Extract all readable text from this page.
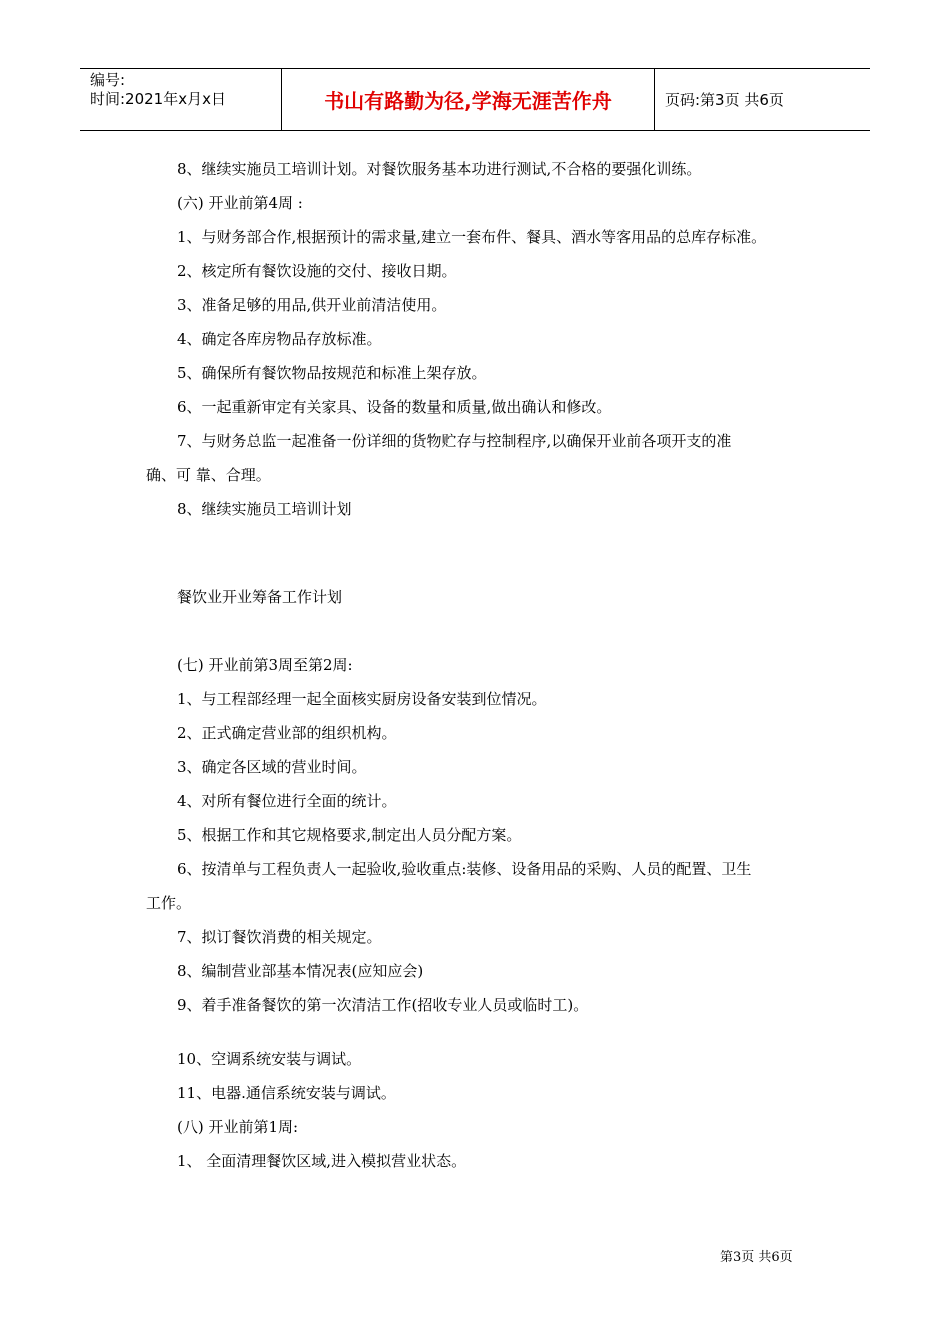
编号:
时间:2021年x月x日	书山有路勤为径,学海无涯苦作舟	页码:第3页 共6页
8、继续实施员工培训计划。对餐饮服务基本功进行测试,不合格的要强化训练。
(六) 开业前第4周 :
1、与财务部合作,根据预计的需求量,建立一套布件、餐具、酒水等客用品的总库存标准。
2、核定所有餐饮设施的交付、接收日期。
3、准备足够的用品,供开业前清洁使用。
4、确定各库房物品存放标准。
5、确保所有餐饮物品按规范和标准上架存放。
6、一起重新审定有关家具、设备的数量和质量,做出确认和修改。
7、与财务总监一起准备一份详细的货物贮存与控制程序,以确保开业前各项开支的准
确、可 靠、合理。
8、继续实施员工培训计划
餐饮业开业筹备工作计划
(七) 开业前第3周至第2周:
1、与工程部经理一起全面核实厨房设备安装到位情况。
2、正式确定营业部的组织机构。
3、确定各区域的营业时间。
4、对所有餐位进行全面的统计。
5、根据工作和其它规格要求,制定出人员分配方案。
6、按清单与工程负责人一起验收,验收重点:装修、设备用品的采购、人员的配置、卫生
工作。
7、拟订餐饮消费的相关规定。
8、编制营业部基本情况表(应知应会)
9、着手准备餐饮的第一次清洁工作(招收专业人员或临时工)。
10、空调系统安装与调试。
11、电器.通信系统安装与调试。
(八) 开业前第1周:
1、 全面清理餐饮区域,进入模拟营业状态。
第3页 共6页
